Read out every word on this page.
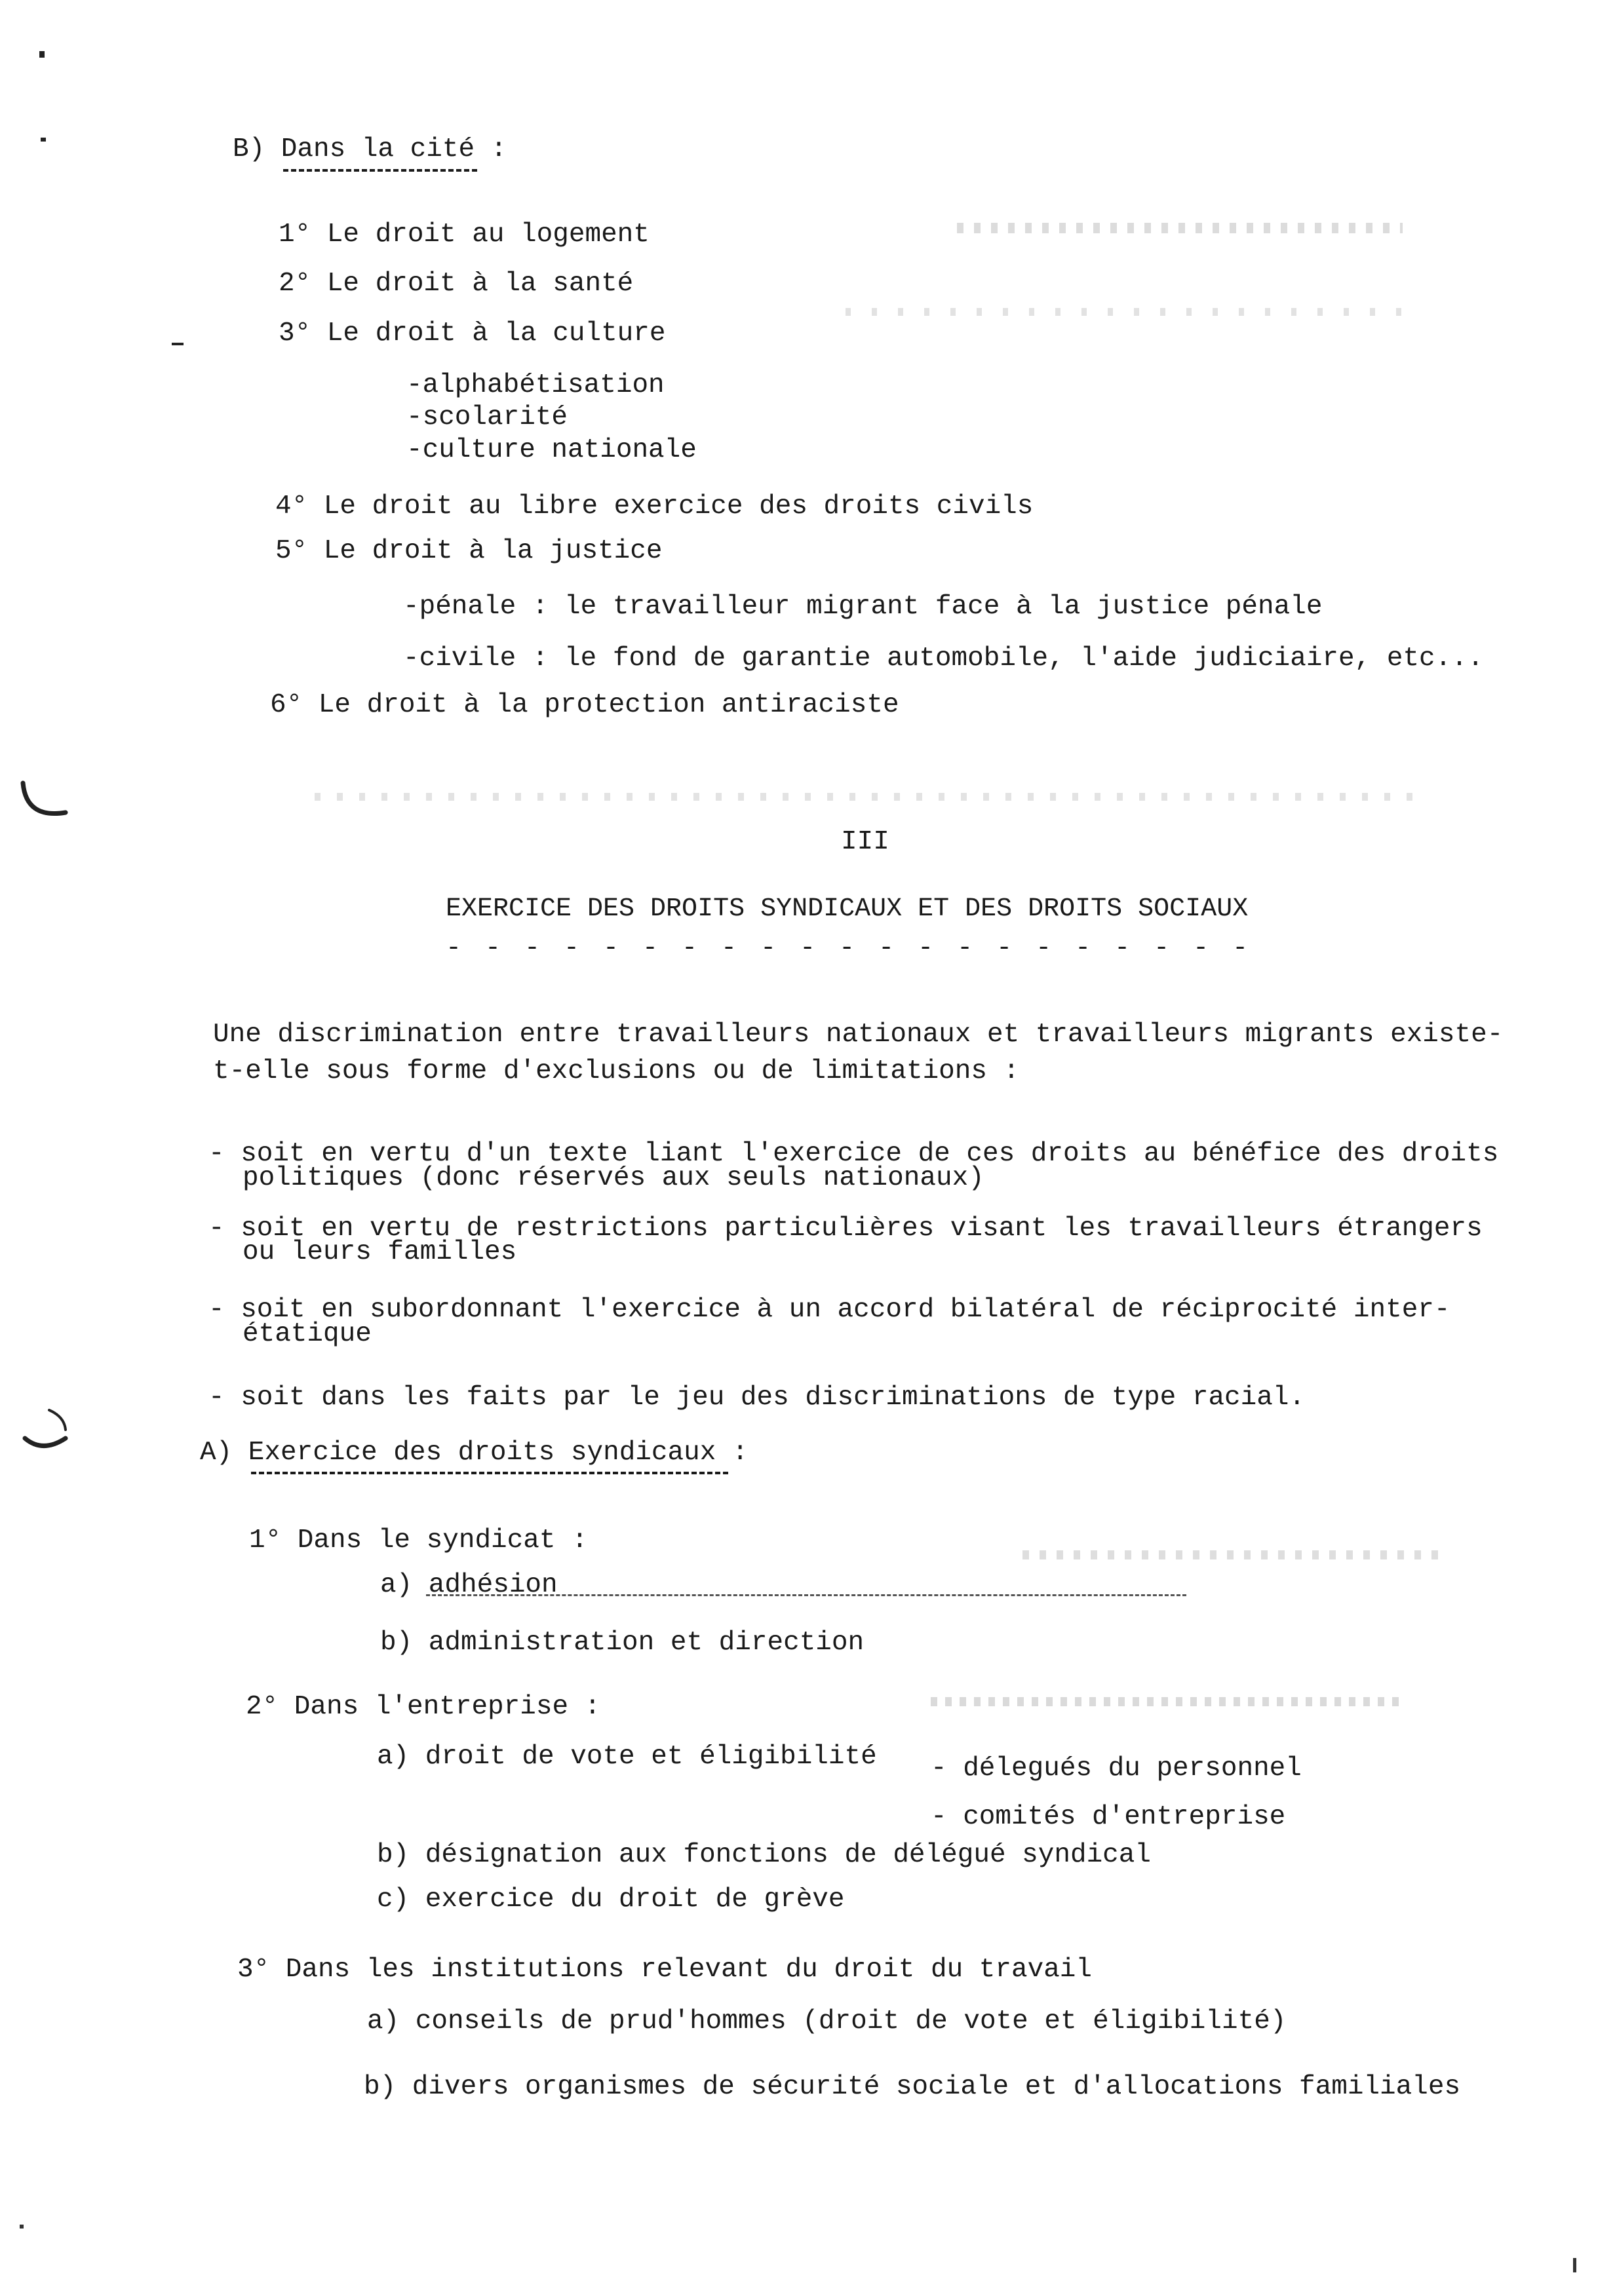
B) Dans la cité :
1° Le droit au logement
2° Le droit à la santé
3° Le droit à la culture
-alphabétisation
-scolarité
-culture nationale
4° Le droit au libre exercice des droits civils
5° Le droit à la justice
-pénale : le travailleur migrant face à la justice pénale
-civile : le fond de garantie automobile, l'aide judiciaire, etc...
6° Le droit à la protection antiraciste
III
EXERCICE DES DROITS SYNDICAUX ET DES DROITS SOCIAUX
- - - - - - - - - - - - - - - - - - - - -
Une discrimination entre travailleurs nationaux et travailleurs migrants existe-
t-elle sous forme d'exclusions ou de limitations :
- soit en vertu d'un texte liant l'exercice de ces droits au bénéfice des droits
politiques (donc réservés aux seuls nationaux)
- soit en vertu de restrictions particulières visant les travailleurs étrangers
ou leurs familles
- soit en subordonnant l'exercice à un accord bilatéral de réciprocité inter-
étatique
- soit dans les faits par le jeu des discriminations de type racial.
A) Exercice des droits syndicaux :
1° Dans le syndicat :
a) adhésion
b) administration et direction
2° Dans l'entreprise :
a) droit de vote et éligibilité - délegués du personnel
- comités d'entreprise
b) désignation aux fonctions de délégué syndical
c) exercice du droit de grève
3° Dans les institutions relevant du droit du travail
a) conseils de prud'hommes (droit de vote et éligibilité)
b) divers organismes de sécurité sociale et d'allocations familiales
